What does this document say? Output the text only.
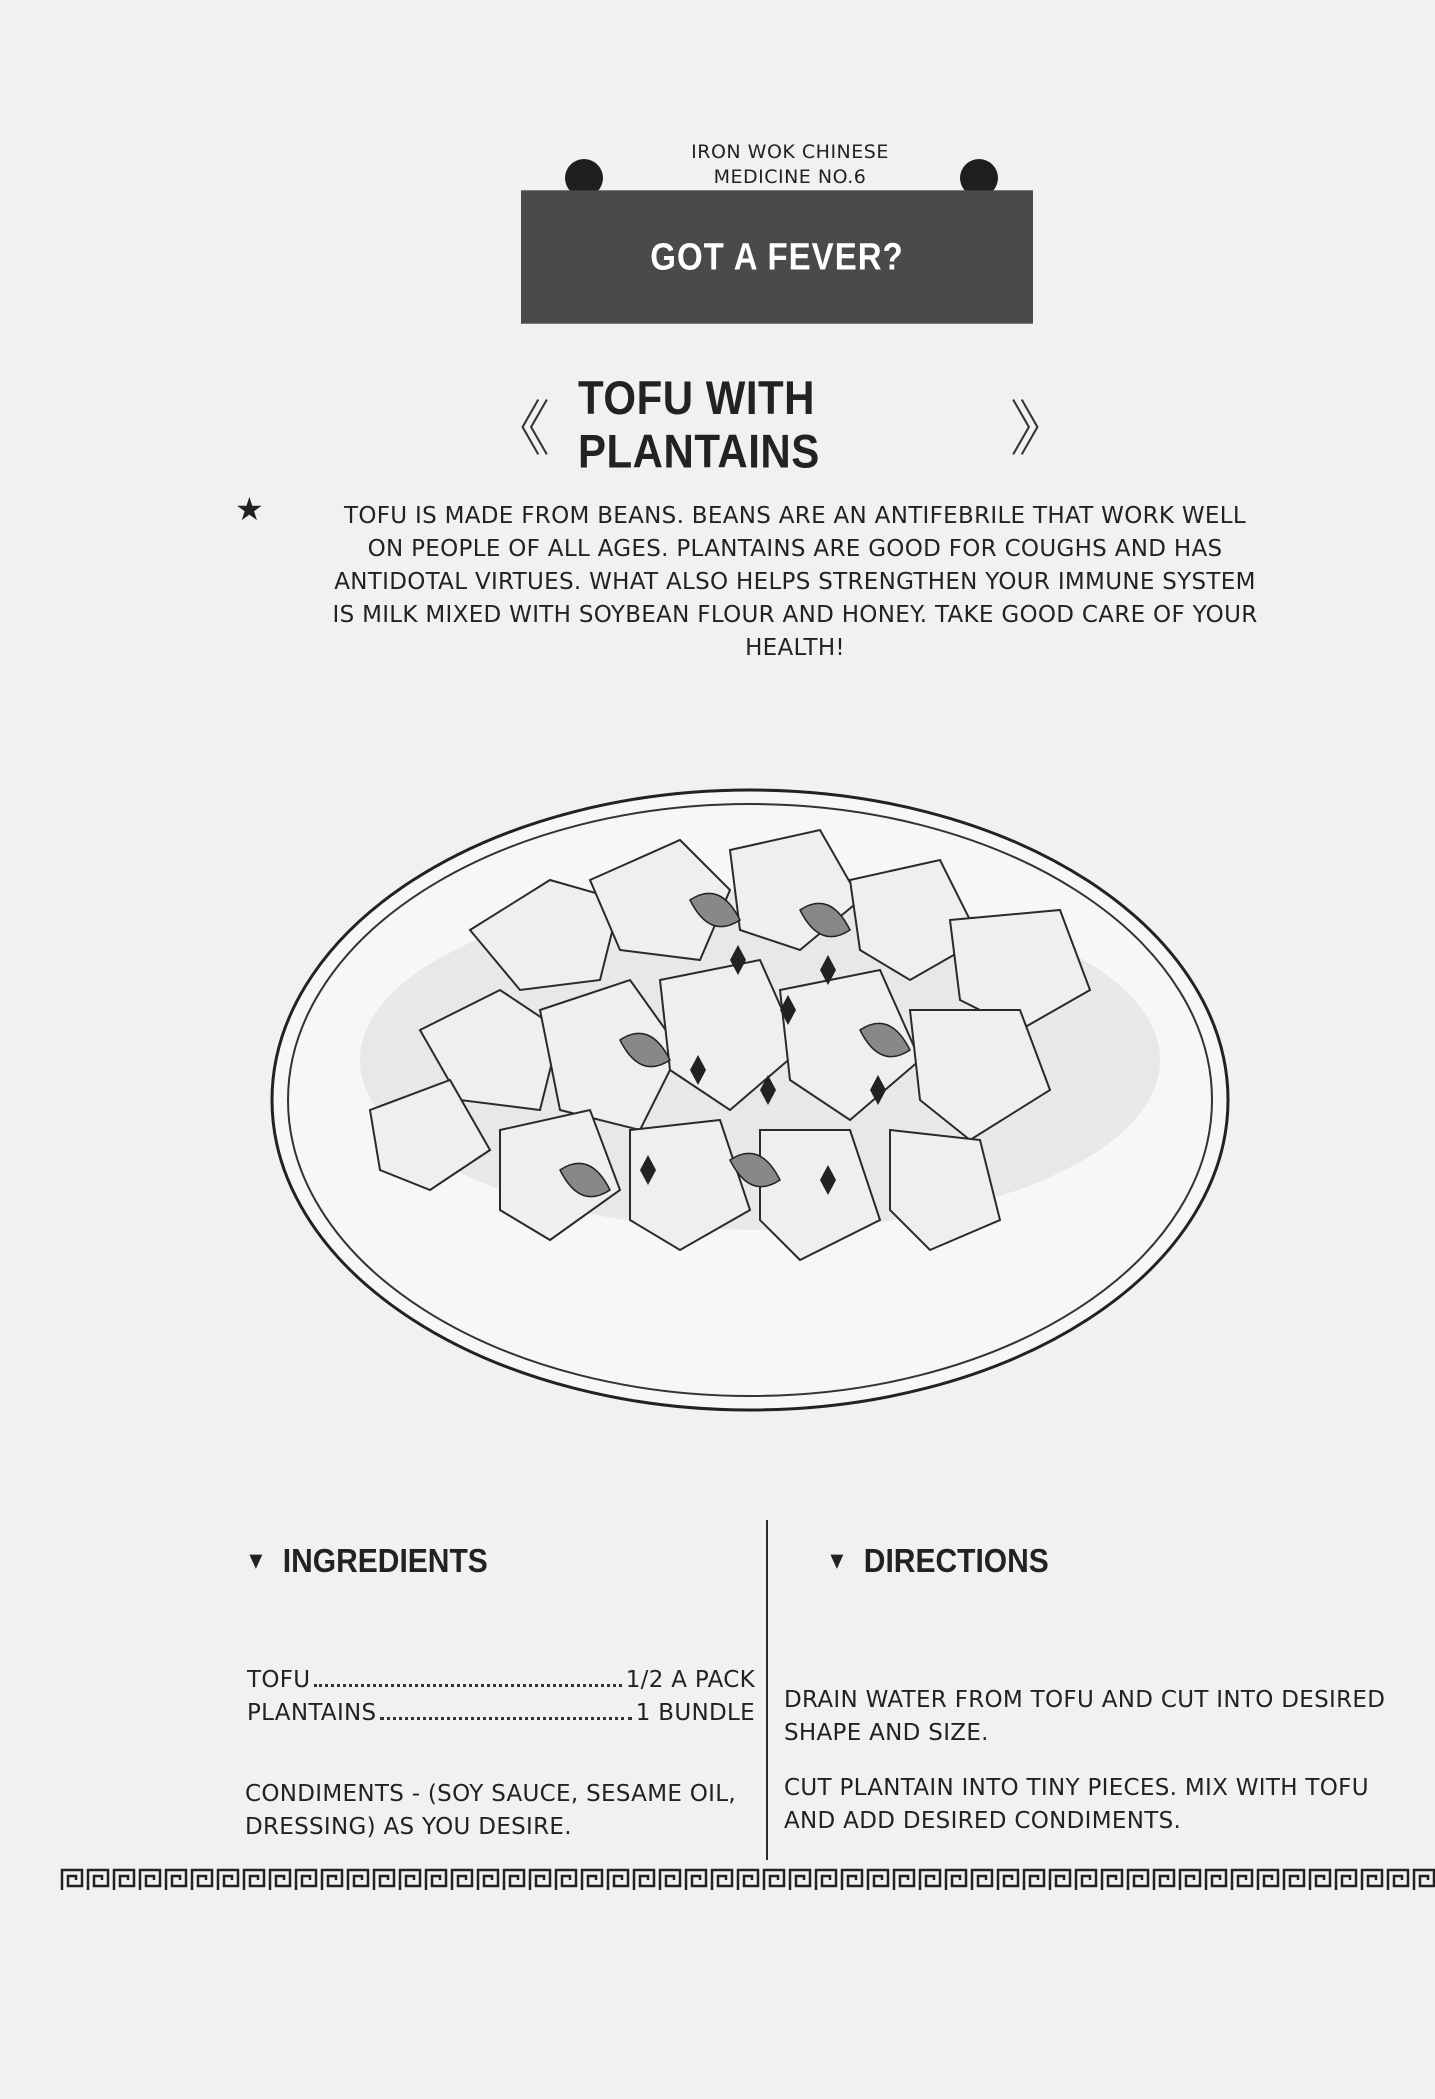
IRON WOK CHINESE
MEDICINE NO.6
GOT A FEVER?
《 TOFU WITH PLANTAINS	》
★	TOFU IS MADE FROM BEANS. BEANS ARE AN ANTIFEBRILE THAT WORK WELL ON PEOPLE OF ALL AGES. PLANTAINS ARE GOOD FOR COUGHS AND HAS ANTIDOTAL VIRTUES. WHAT ALSO HELPS STRENGTHEN YOUR IMMUNE SYSTEM IS MILK MIXED WITH SOYBEAN FLOUR AND HONEY. TAKE GOOD CARE OF YOUR HEALTH!
▼ INGREDIENTS
TOFU	1/2 A PACK
PLANTAINS	1 BUNDLE
CONDIMENTS - (SOY SAUCE, SESAME OIL, DRESSING) AS YOU DESIRE.
▼ DIRECTIONS
DRAIN WATER FROM TOFU AND CUT INTO DESIRED SHAPE AND SIZE.
CUT PLANTAIN INTO TINY PIECES. MIX WITH TOFU AND ADD DESIRED CONDIMENTS.
